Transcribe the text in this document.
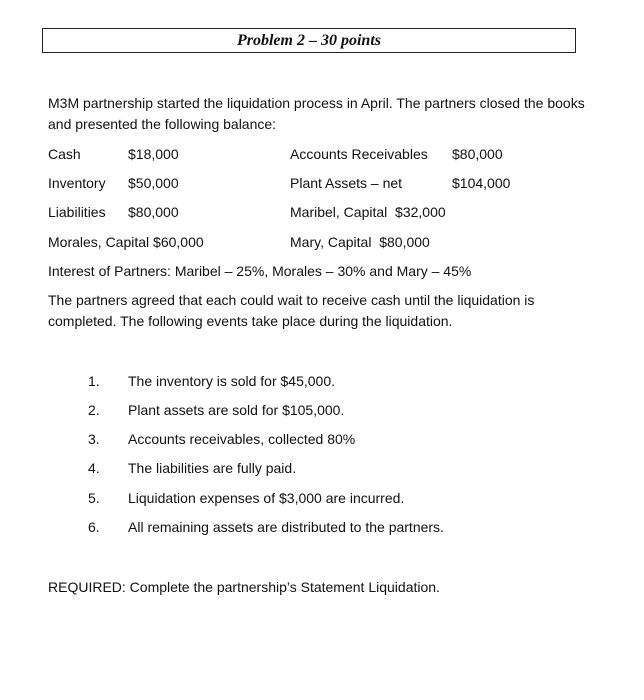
Problem 2 – 30 points
M3M partnership started the liquidation process in April. The partners closed the books and presented the following balance:
Cash	$18,000	Accounts Receivables $80,000
Inventory $50,000	Plant Assets – net	$104,000
Liabilities $80,000	Maribel, Capital  $32,000
Morales, Capital $60,000	Mary, Capital  $80,000
Interest of Partners: Maribel – 25%, Morales – 30% and Mary – 45%
The partners agreed that each could wait to receive cash until the liquidation is completed. The following events take place during the liquidation.
1. The inventory is sold for $45,000.
2. Plant assets are sold for $105,000.
3. Accounts receivables, collected 80%
4. The liabilities are fully paid.
5. Liquidation expenses of $3,000 are incurred.
6. All remaining assets are distributed to the partners.
REQUIRED: Complete the partnership’s Statement Liquidation.
